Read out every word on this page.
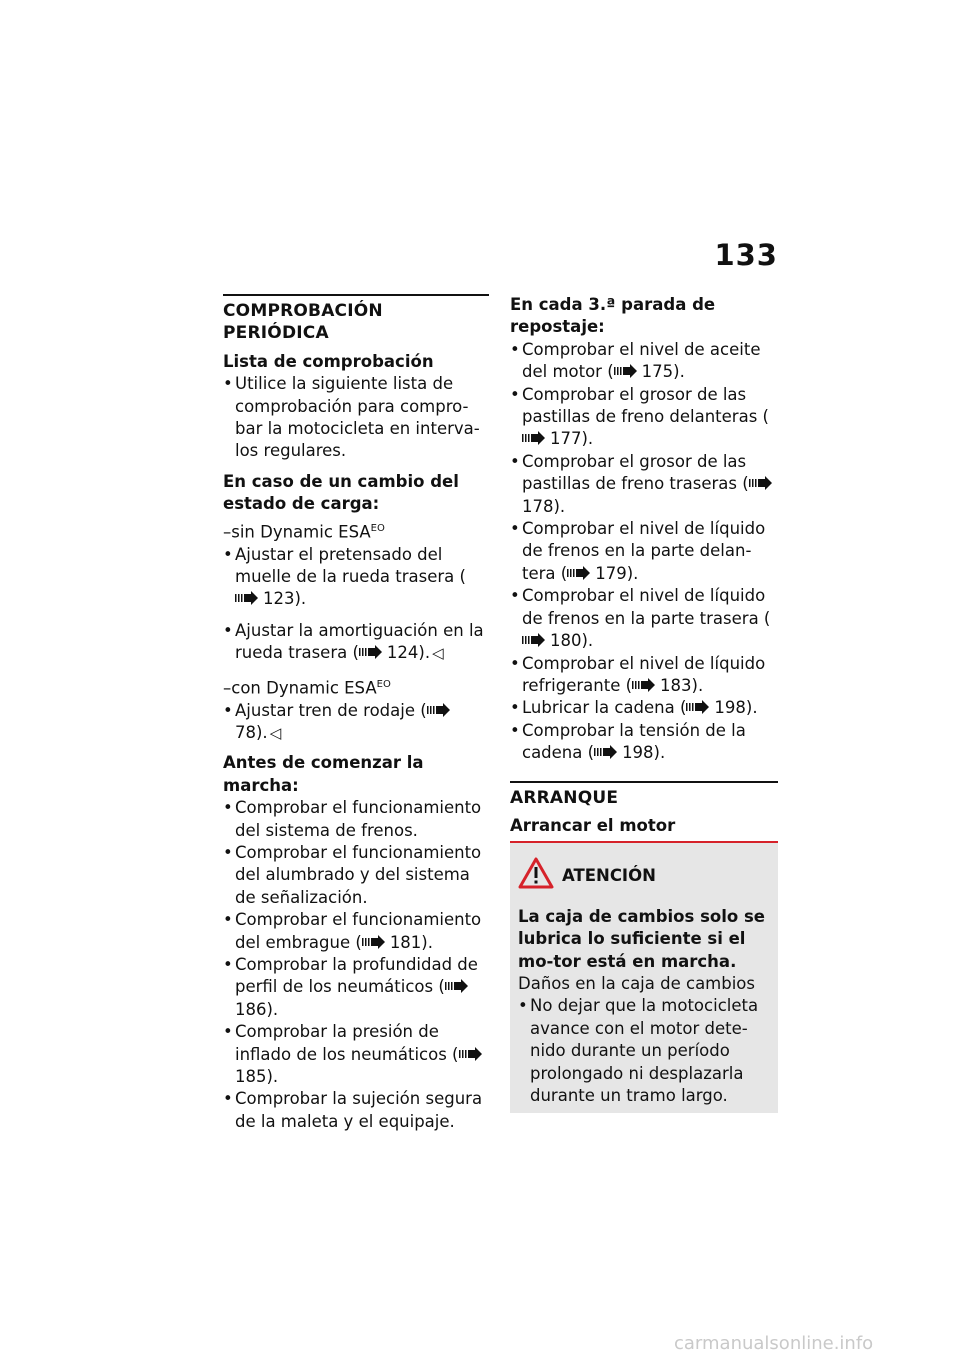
133
COMPROBACIÓN PERIÓDICA
Lista de comprobación
• Utilice la siguiente lista de comprobación para compro-bar la motocicleta en interva-los regulares.
En caso de un cambio del estado de carga:
–sin Dynamic $ESA^{EO}$
• Ajustar el pretensado del muelle de la rueda trasera (
123).
• Ajustar la amortiguación en la rueda trasera ( 124). ◁
–con Dynamic $ESA^{EO}$
• Ajustar tren de rodaje (
78). ◁
Antes de comenzar la marcha:
• Comprobar el funcionamiento del sistema de frenos.
• Comprobar el funcionamiento del alumbrado y del sistema de señalización.
• Comprobar el funcionamiento del embrague ( 181).
• Comprobar la profundidad de perfil de los neumáticos (
186).
• Comprobar la presión de inflado de los neumáticos (
185).
• Comprobar la sujeción segura de la maleta y el equipaje.
En cada 3.ª parada de repostaje:
• Comprobar el nivel de aceite del motor ( 175).
• Comprobar el grosor de las pastillas de freno delanteras (
177).
• Comprobar el grosor de las pastillas de freno traseras (
178).
• Comprobar el nivel de líquido de frenos en la parte delan-tera ( 179).
• Comprobar el nivel de líquido de frenos en la parte trasera (
180).
• Comprobar el nivel de líquido refrigerante ( 183).
• Lubricar la cadena ( 198).
• Comprobar la tensión de la cadena ( 198).
ARRANQUE
Arrancar el motor
ATENCIÓN
La caja de cambios solo se lubrica lo suficiente si el mo-tor está en marcha.
Daños en la caja de cambios
• No dejar que la motocicleta avance con el motor dete-nido durante un período prolongado ni desplazarla durante un tramo largo.
carmanualsonline.info
